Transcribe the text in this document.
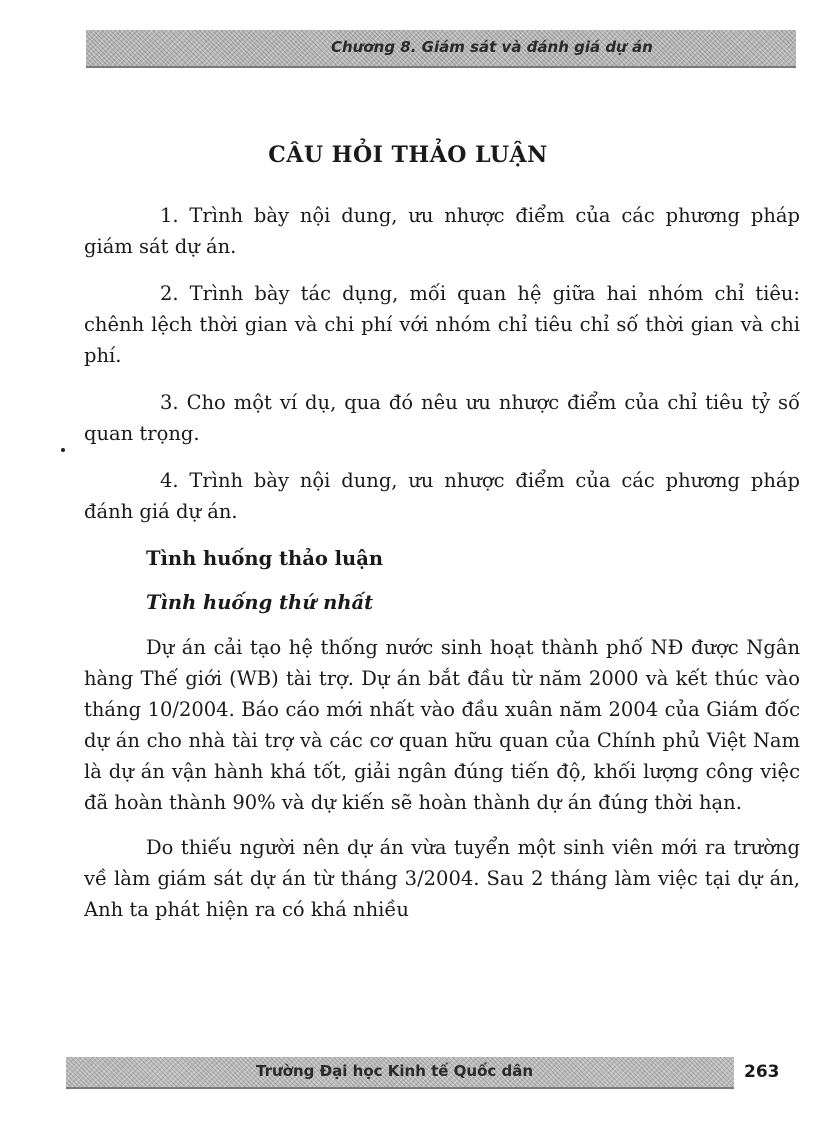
Chương 8. Giám sát và đánh giá dự án
CÂU HỎI THẢO LUẬN

1. Trình bày nội dung, ưu nhược điểm của các phương pháp giám sát dự án.

2. Trình bày tác dụng, mối quan hệ giữa hai nhóm chỉ tiêu: chênh lệch thời gian và chi phí với nhóm chỉ tiêu chỉ số thời gian và chi phí.

3. Cho một ví dụ, qua đó nêu ưu nhược điểm của chỉ tiêu tỷ số quan trọng.

4. Trình bày nội dung, ưu nhược điểm của các phương pháp đánh giá dự án.

Tình huống thảo luận

Tình huống thứ nhất

Dự án cải tạo hệ thống nước sinh hoạt thành phố NĐ được Ngân hàng Thế giới (WB) tài trợ. Dự án bắt đầu từ năm 2000 và kết thúc vào tháng 10/2004. Báo cáo mới nhất vào đầu xuân năm 2004 của Giám đốc dự án cho nhà tài trợ và các cơ quan hữu quan của Chính phủ Việt Nam là dự án vận hành khá tốt, giải ngân đúng tiến độ, khối lượng công việc đã hoàn thành 90% và dự kiến sẽ hoàn thành dự án đúng thời hạn.

Do thiếu người nên dự án vừa tuyển một sinh viên mới ra trường về làm giám sát dự án từ tháng 3/2004. Sau 2 tháng làm việc tại dự án, Anh ta phát hiện ra có khá nhiều

Trường Đại học Kinh tế Quốc dân	263
